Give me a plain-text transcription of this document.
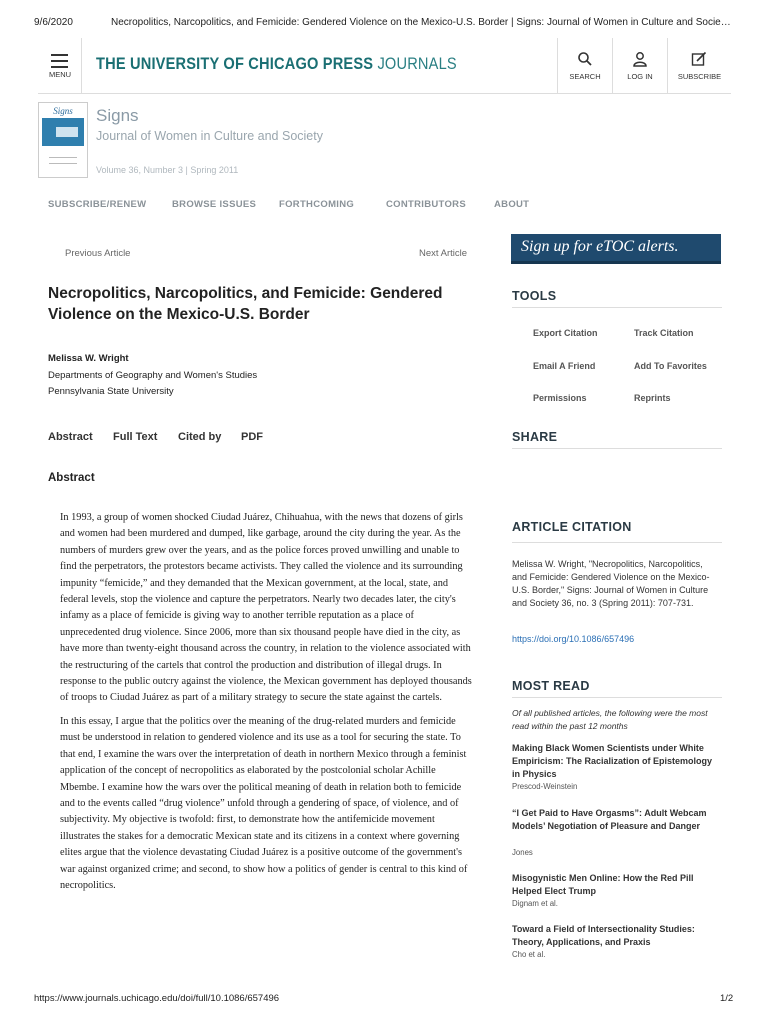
9/6/2020	Necropolitics, Narcopolitics, and Femicide: Gendered Violence on the Mexico-U.S. Border | Signs: Journal of Women in Culture and Socie…
MENU
THE UNIVERSITY OF CHICAGO PRESS JOURNALS
SEARCH	LOG IN	SUBSCRIBE
Signs	Signs
Journal of Women in Culture and Society
Volume 36, Number 3 | Spring 2011
SUBSCRIBE/RENEW	BROWSE ISSUES FORTHCOMING	CONTRIBUTORS	ABOUT
Previous Article	Next Article
Necropolitics, Narcopolitics, and Femicide: Gendered Violence on the Mexico-U.S. Border
Melissa W. Wright
Departments of Geography and Women's Studies
Pennsylvania State University
Abstract Full Text Cited by PDF
Abstract

In 1993, a group of women shocked Ciudad Juárez, Chihuahua, with the news that dozens of girls and women had been murdered and dumped, like garbage, around the city during the year. As the numbers of murders grew over the years, and as the police forces proved unwilling and unable to find the perpetrators, the protestors became activists. They called the violence and its surrounding impunity “femicide,” and they demanded that the Mexican government, at the local, state, and federal levels, stop the violence and capture the perpetrators. Nearly two decades later, the city's infamy as a place of femicide is giving way to another terrible reputation as a place of unprecedented drug violence. Since 2006, more than six thousand people have died in the city, as have more than twenty-eight thousand across the country, in relation to the violence associated with the restructuring of the cartels that control the production and distribution of illegal drugs. In response to the public outcry against the violence, the Mexican government has deployed thousands of troops to Ciudad Juárez as part of a military strategy to secure the state against the cartels.

In this essay, I argue that the politics over the meaning of the drug-related murders and femicide must be understood in relation to gendered violence and its use as a tool for securing the state. To that end, I examine the wars over the interpretation of death in northern Mexico through a feminist application of the concept of necropolitics as elaborated by the postcolonial scholar Achille Mbembe. I examine how the wars over the political meaning of death in relation both to femicide and to the events called “drug violence” unfold through a gendering of space, of violence, and of subjectivity. My objective is twofold: first, to demonstrate how the antifemicide movement illustrates the stakes for a democratic Mexican state and its citizens in a context where governing elites argue that the violence devastating Ciudad Juárez is a positive outcome of the government's war against organized crime; and second, to show how a politics of gender is central to this kind of necropolitics.

Sign up for eTOC alerts.
TOOLS
Export Citation	Track Citation
Email A Friend	Add To Favorites
Permissions	Reprints
SHARE
ARTICLE CITATION
Melissa W. Wright, "Necropolitics, Narcopolitics, and Femicide: Gendered Violence on the Mexico-U.S. Border," Signs: Journal of Women in Culture and Society 36, no. 3 (Spring 2011): 707-731.
https://doi.org/10.1086/657496
MOST READ
Of all published articles, the following were the most read within the past 12 months
Making Black Women Scientists under White Empiricism: The Racialization of Epistemology in Physics
Prescod-Weinstein
“I Get Paid to Have Orgasms”: Adult Webcam Models’ Negotiation of Pleasure and Danger
Jones
Misogynistic Men Online: How the Red Pill Helped Elect Trump
Dignam et al.
Toward a Field of Intersectionality Studies: Theory, Applications, and Praxis
Cho et al.
https://www.journals.uchicago.edu/doi/full/10.1086/657496	1/2
